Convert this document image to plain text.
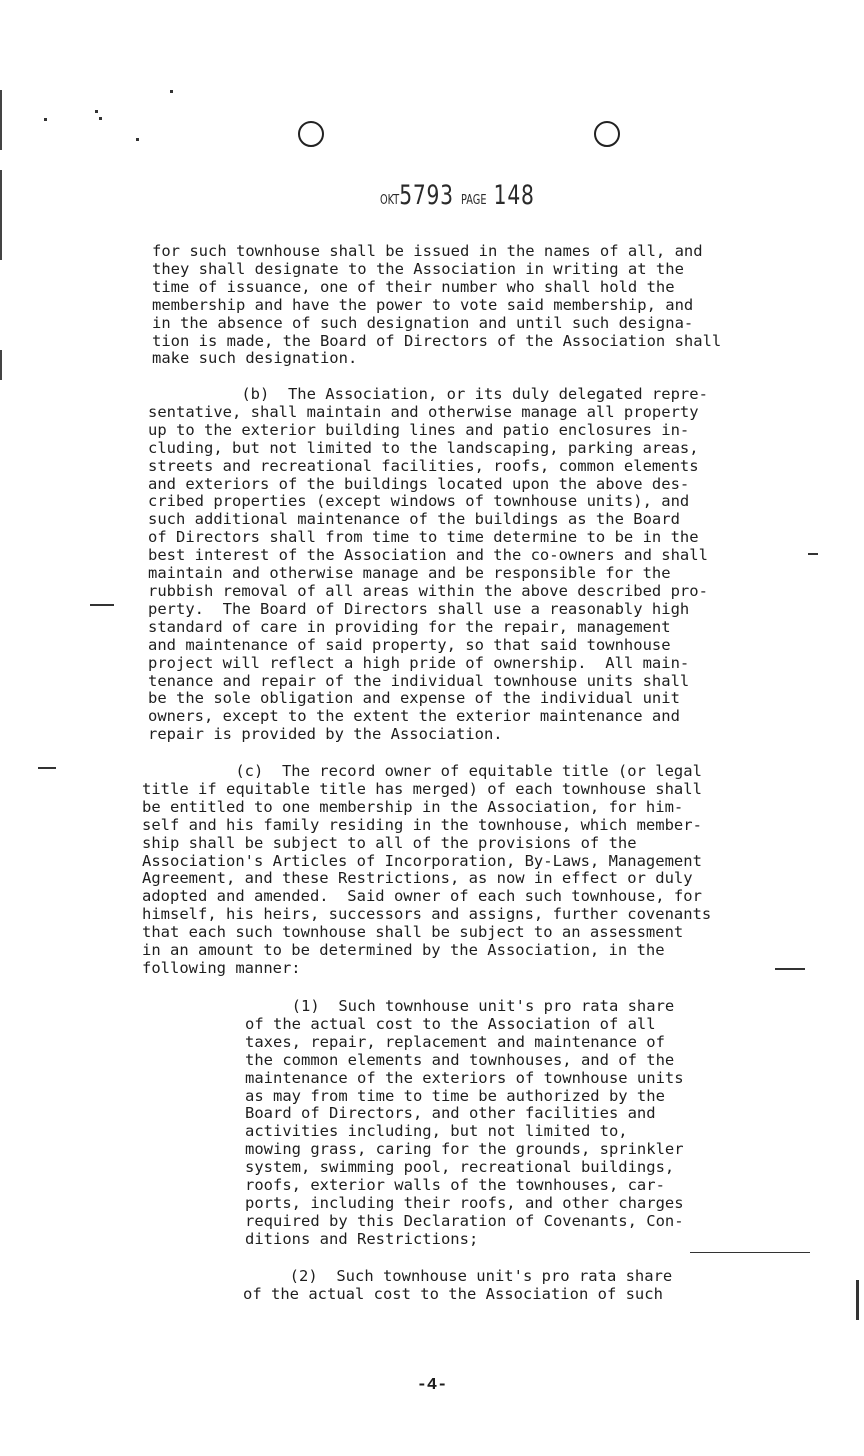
OKT5793 PAGE 148
for such townhouse shall be issued in the names of all, and
they shall designate to the Association in writing at the
time of issuance, one of their number who shall hold the
membership and have the power to vote said membership, and
in the absence of such designation and until such designa-
tion is made, the Board of Directors of the Association shall
make such designation.
(b)  The Association, or its duly delegated repre-
sentative, shall maintain and otherwise manage all property
up to the exterior building lines and patio enclosures in-
cluding, but not limited to the landscaping, parking areas,
streets and recreational facilities, roofs, common elements
and exteriors of the buildings located upon the above des-
cribed properties (except windows of townhouse units), and
such additional maintenance of the buildings as the Board
of Directors shall from time to time determine to be in the
best interest of the Association and the co-owners and shall
maintain and otherwise manage and be responsible for the
rubbish removal of all areas within the above described pro-
perty.  The Board of Directors shall use a reasonably high
standard of care in providing for the repair, management
and maintenance of said property, so that said townhouse
project will reflect a high pride of ownership.  All main-
tenance and repair of the individual townhouse units shall
be the sole obligation and expense of the individual unit
owners, except to the extent the exterior maintenance and
repair is provided by the Association.
(c)  The record owner of equitable title (or legal
title if equitable title has merged) of each townhouse shall
be entitled to one membership in the Association, for him-
self and his family residing in the townhouse, which member-
ship shall be subject to all of the provisions of the
Association's Articles of Incorporation, By-Laws, Management
Agreement, and these Restrictions, as now in effect or duly
adopted and amended.  Said owner of each such townhouse, for
himself, his heirs, successors and assigns, further covenants
that each such townhouse shall be subject to an assessment
in an amount to be determined by the Association, in the
following manner:
(1)  Such townhouse unit's pro rata share
of the actual cost to the Association of all
taxes, repair, replacement and maintenance of
the common elements and townhouses, and of the
maintenance of the exteriors of townhouse units
as may from time to time be authorized by the
Board of Directors, and other facilities and
activities including, but not limited to,
mowing grass, caring for the grounds, sprinkler
system, swimming pool, recreational buildings,
roofs, exterior walls of the townhouses, car-
ports, including their roofs, and other charges
required by this Declaration of Covenants, Con-
ditions and Restrictions;
(2)  Such townhouse unit's pro rata share
of the actual cost to the Association of such
-4-
